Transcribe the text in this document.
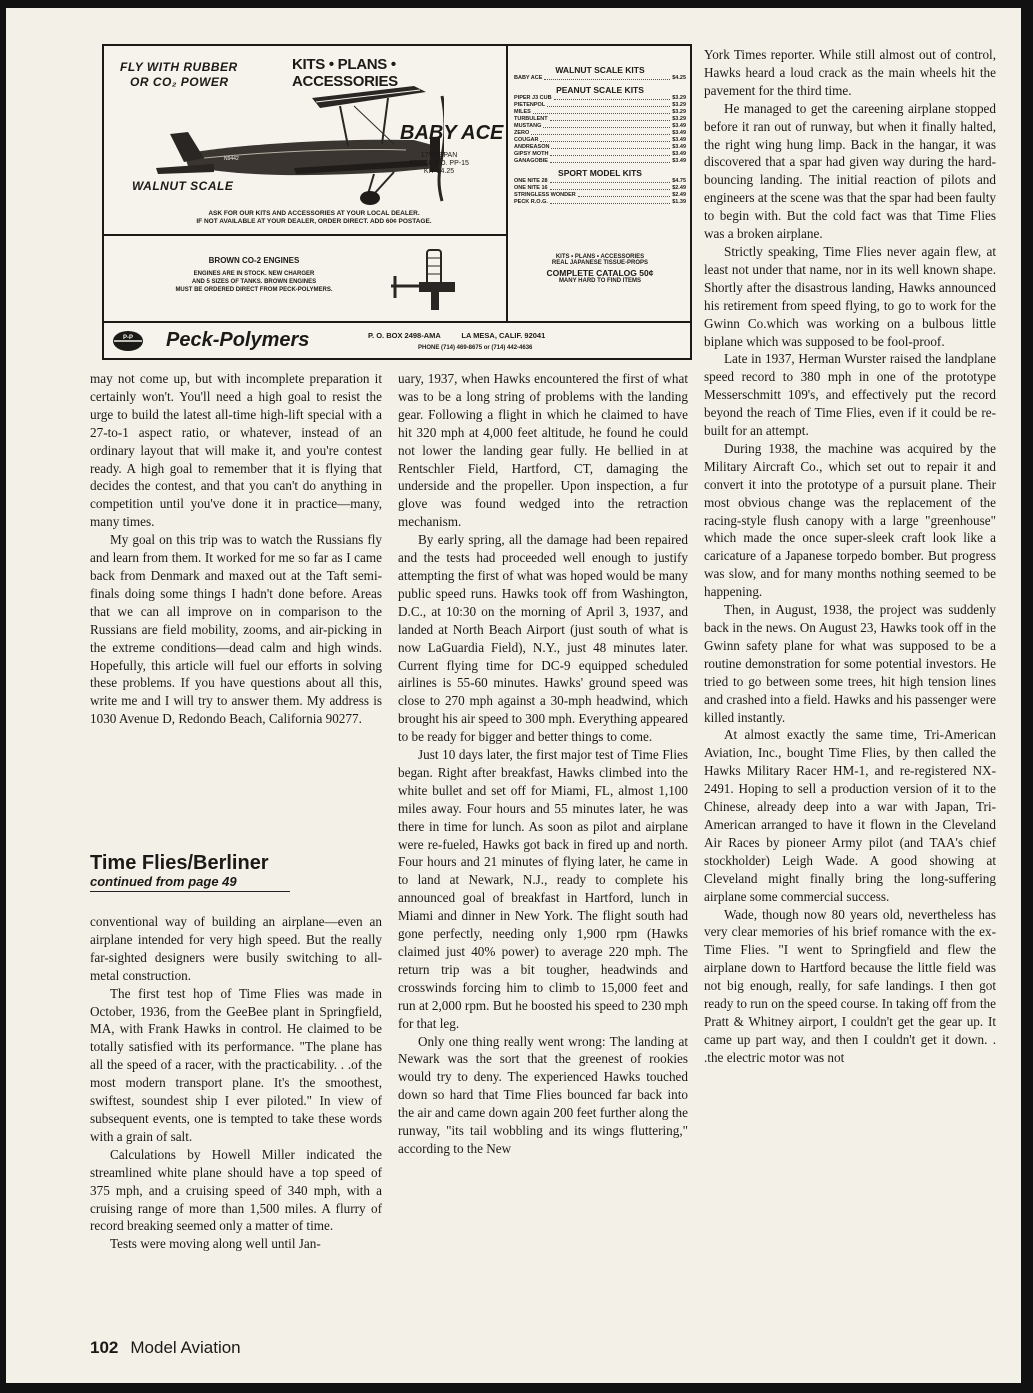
FLY WITH RUBBER
OR CO₂ POWER
KITS • PLANS • ACCESSORIES
N9442
BABY ACE
17½" SPAN
STOCK NO. PP-15
KIT $4.25
WALNUT SCALE
ASK FOR OUR KITS AND ACCESSORIES AT YOUR LOCAL DEALER.
IF NOT AVAILABLE AT YOUR DEALER, ORDER DIRECT. ADD 60¢ POSTAGE.
BROWN CO-2 ENGINES
ENGINES ARE IN STOCK. NEW CHARGER
AND 5 SIZES OF TANKS. BROWN ENGINES
MUST BE ORDERED DIRECT FROM PECK-POLYMERS.
WALNUT SCALE KITS
BABY ACE	$4.25
PEANUT SCALE KITS
PIPER J3 CUB	$3.29
PIETENPOL	$3.29
MILES	$3.29
TURBULENT	$3.29
MUSTANG	$3.49
ZERO	$3.49
COUGAR	$3.49
ANDREASON	$3.49
GIPSY MOTH	$3.49
GANAGOBIE	$3.49
SPORT MODEL KITS
ONE NITE 28	$4.75
ONE NITE 16	$2.49
STRINGLESS WONDER	$2.49
PECK R.O.G.	$1.39
KITS • PLANS • ACCESSORIES
REAL JAPANESE TISSUE-PROPS
COMPLETE CATALOG 50¢
MANY HARD TO FIND ITEMS
P-P Peck-Polymers	P. O. BOX 2498-AMA          LA MESA, CALIF. 92041
PHONE (714) 469-8675 or (714) 442-4636

may not come up, but with incomplete preparation it certainly won't. You'll need a high goal to resist the urge to build the latest all-time high-lift special with a 27-to-1 aspect ratio, or whatever, instead of an ordinary layout that will make it, and you're contest ready. A high goal to remember that it is flying that decides the contest, and that you can't do anything in competition until you've done it in practice—many, many times.

My goal on this trip was to watch the Russians fly and learn from them. It worked for me so far as I came back from Denmark and maxed out at the Taft semi-finals doing some things I hadn't done before. Areas that we can all improve on in comparison to the Russians are field mobility, zooms, and air-picking in the extreme conditions—dead calm and high winds. Hopefully, this article will fuel our efforts in solving these problems. If you have questions about all this, write me and I will try to answer them. My address is 1030 Avenue D, Redondo Beach, California 90277.

Time Flies/Berliner
continued from page 49

conventional way of building an airplane—even an airplane intended for very high speed. But the really far-sighted designers were busily switching to all-metal construction.

The first test hop of Time Flies was made in October, 1936, from the GeeBee plant in Springfield, MA, with Frank Hawks in control. He claimed to be totally satisfied with its performance. "The plane has all the speed of a racer, with the practicability. . .of the most modern transport plane. It's the smoothest, swiftest, soundest ship I ever piloted." In view of subsequent events, one is tempted to take these words with a grain of salt.

Calculations by Howell Miller indicated the streamlined white plane should have a top speed of 375 mph, and a cruising speed of 340 mph, with a cruising range of more than 1,500 miles. A flurry of record breaking seemed only a matter of time.

Tests were moving along well until Jan-

uary, 1937, when Hawks encountered the first of what was to be a long string of problems with the landing gear. Following a flight in which he claimed to have hit 320 mph at 4,000 feet altitude, he found he could not lower the landing gear fully. He bellied in at Rentschler Field, Hartford, CT, damaging the underside and the propeller. Upon inspection, a fur glove was found wedged into the retraction mechanism.

By early spring, all the damage had been repaired and the tests had proceeded well enough to justify attempting the first of what was hoped would be many public speed runs. Hawks took off from Washington, D.C., at 10:30 on the morning of April 3, 1937, and landed at North Beach Airport (just south of what is now LaGuardia Field), N.Y., just 48 minutes later. Current flying time for DC-9 equipped scheduled airlines is 55-60 minutes. Hawks' ground speed was close to 270 mph against a 30-mph headwind, which brought his air speed to 300 mph. Everything appeared to be ready for bigger and better things to come.

Just 10 days later, the first major test of Time Flies began. Right after breakfast, Hawks climbed into the white bullet and set off for Miami, FL, almost 1,100 miles away. Four hours and 55 minutes later, he was there in time for lunch. As soon as pilot and airplane were re-fueled, Hawks got back in fired up and north. Four hours and 21 minutes of flying later, he came in to land at Newark, N.J., ready to complete his announced goal of breakfast in Hartford, lunch in Miami and dinner in New York. The flight south had gone perfectly, needing only 1,900 rpm (Hawks claimed just 40% power) to average 220 mph. The return trip was a bit tougher, headwinds and crosswinds forcing him to climb to 15,000 feet and run at 2,000 rpm. But he boosted his speed to 230 mph for that leg.

Only one thing really went wrong: The landing at Newark was the sort that the greenest of rookies would try to deny. The experienced Hawks touched down so hard that Time Flies bounced far back into the air and came down again 200 feet further along the runway, "its tail wobbling and its wings fluttering," according to the New

York Times reporter. While still almost out of control, Hawks heard a loud crack as the main wheels hit the pavement for the third time.

He managed to get the careening airplane stopped before it ran out of runway, but when it finally halted, the right wing hung limp. Back in the hangar, it was discovered that a spar had given way during the hard-bouncing landing. The initial reaction of pilots and engineers at the scene was that the spar had been faulty to begin with. But the cold fact was that Time Flies was a broken airplane.

Strictly speaking, Time Flies never again flew, at least not under that name, nor in its well known shape. Shortly after the disastrous landing, Hawks announced his retirement from speed flying, to go to work for the Gwinn Co.which was working on a bulbous little biplane which was supposed to be fool-proof.

Late in 1937, Herman Wurster raised the landplane speed record to 380 mph in one of the prototype Messerschmitt 109's, and effectively put the record beyond the reach of Time Flies, even if it could be re-built for an attempt.

During 1938, the machine was acquired by the Military Aircraft Co., which set out to repair it and convert it into the prototype of a pursuit plane. Their most obvious change was the replacement of the racing-style flush canopy with a large "greenhouse" which made the once super-sleek craft look like a caricature of a Japanese torpedo bomber. But progress was slow, and for many months nothing seemed to be happening.

Then, in August, 1938, the project was suddenly back in the news. On August 23, Hawks took off in the Gwinn safety plane for what was supposed to be a routine demonstration for some potential investors. He tried to go between some trees, hit high tension lines and crashed into a field. Hawks and his passenger were killed instantly.

At almost exactly the same time, Tri-American Aviation, Inc., bought Time Flies, by then called the Hawks Military Racer HM-1, and re-registered NX-2491. Hoping to sell a production version of it to the Chinese, already deep into a war with Japan, Tri-American arranged to have it flown in the Cleveland Air Races by pioneer Army pilot (and TAA's chief stockholder) Leigh Wade. A good showing at Cleveland might finally bring the long-suffering airplane some commercial success.

Wade, though now 80 years old, nevertheless has very clear memories of his brief romance with the ex-Time Flies. "I went to Springfield and flew the airplane down to Hartford because the little field was not big enough, really, for safe landings. I then got ready to run on the speed course. In taking off from the Pratt & Whitney airport, I couldn't get the gear up. It came up part way, and then I couldn't get it down. . .the electric motor was not

102 Model Aviation
